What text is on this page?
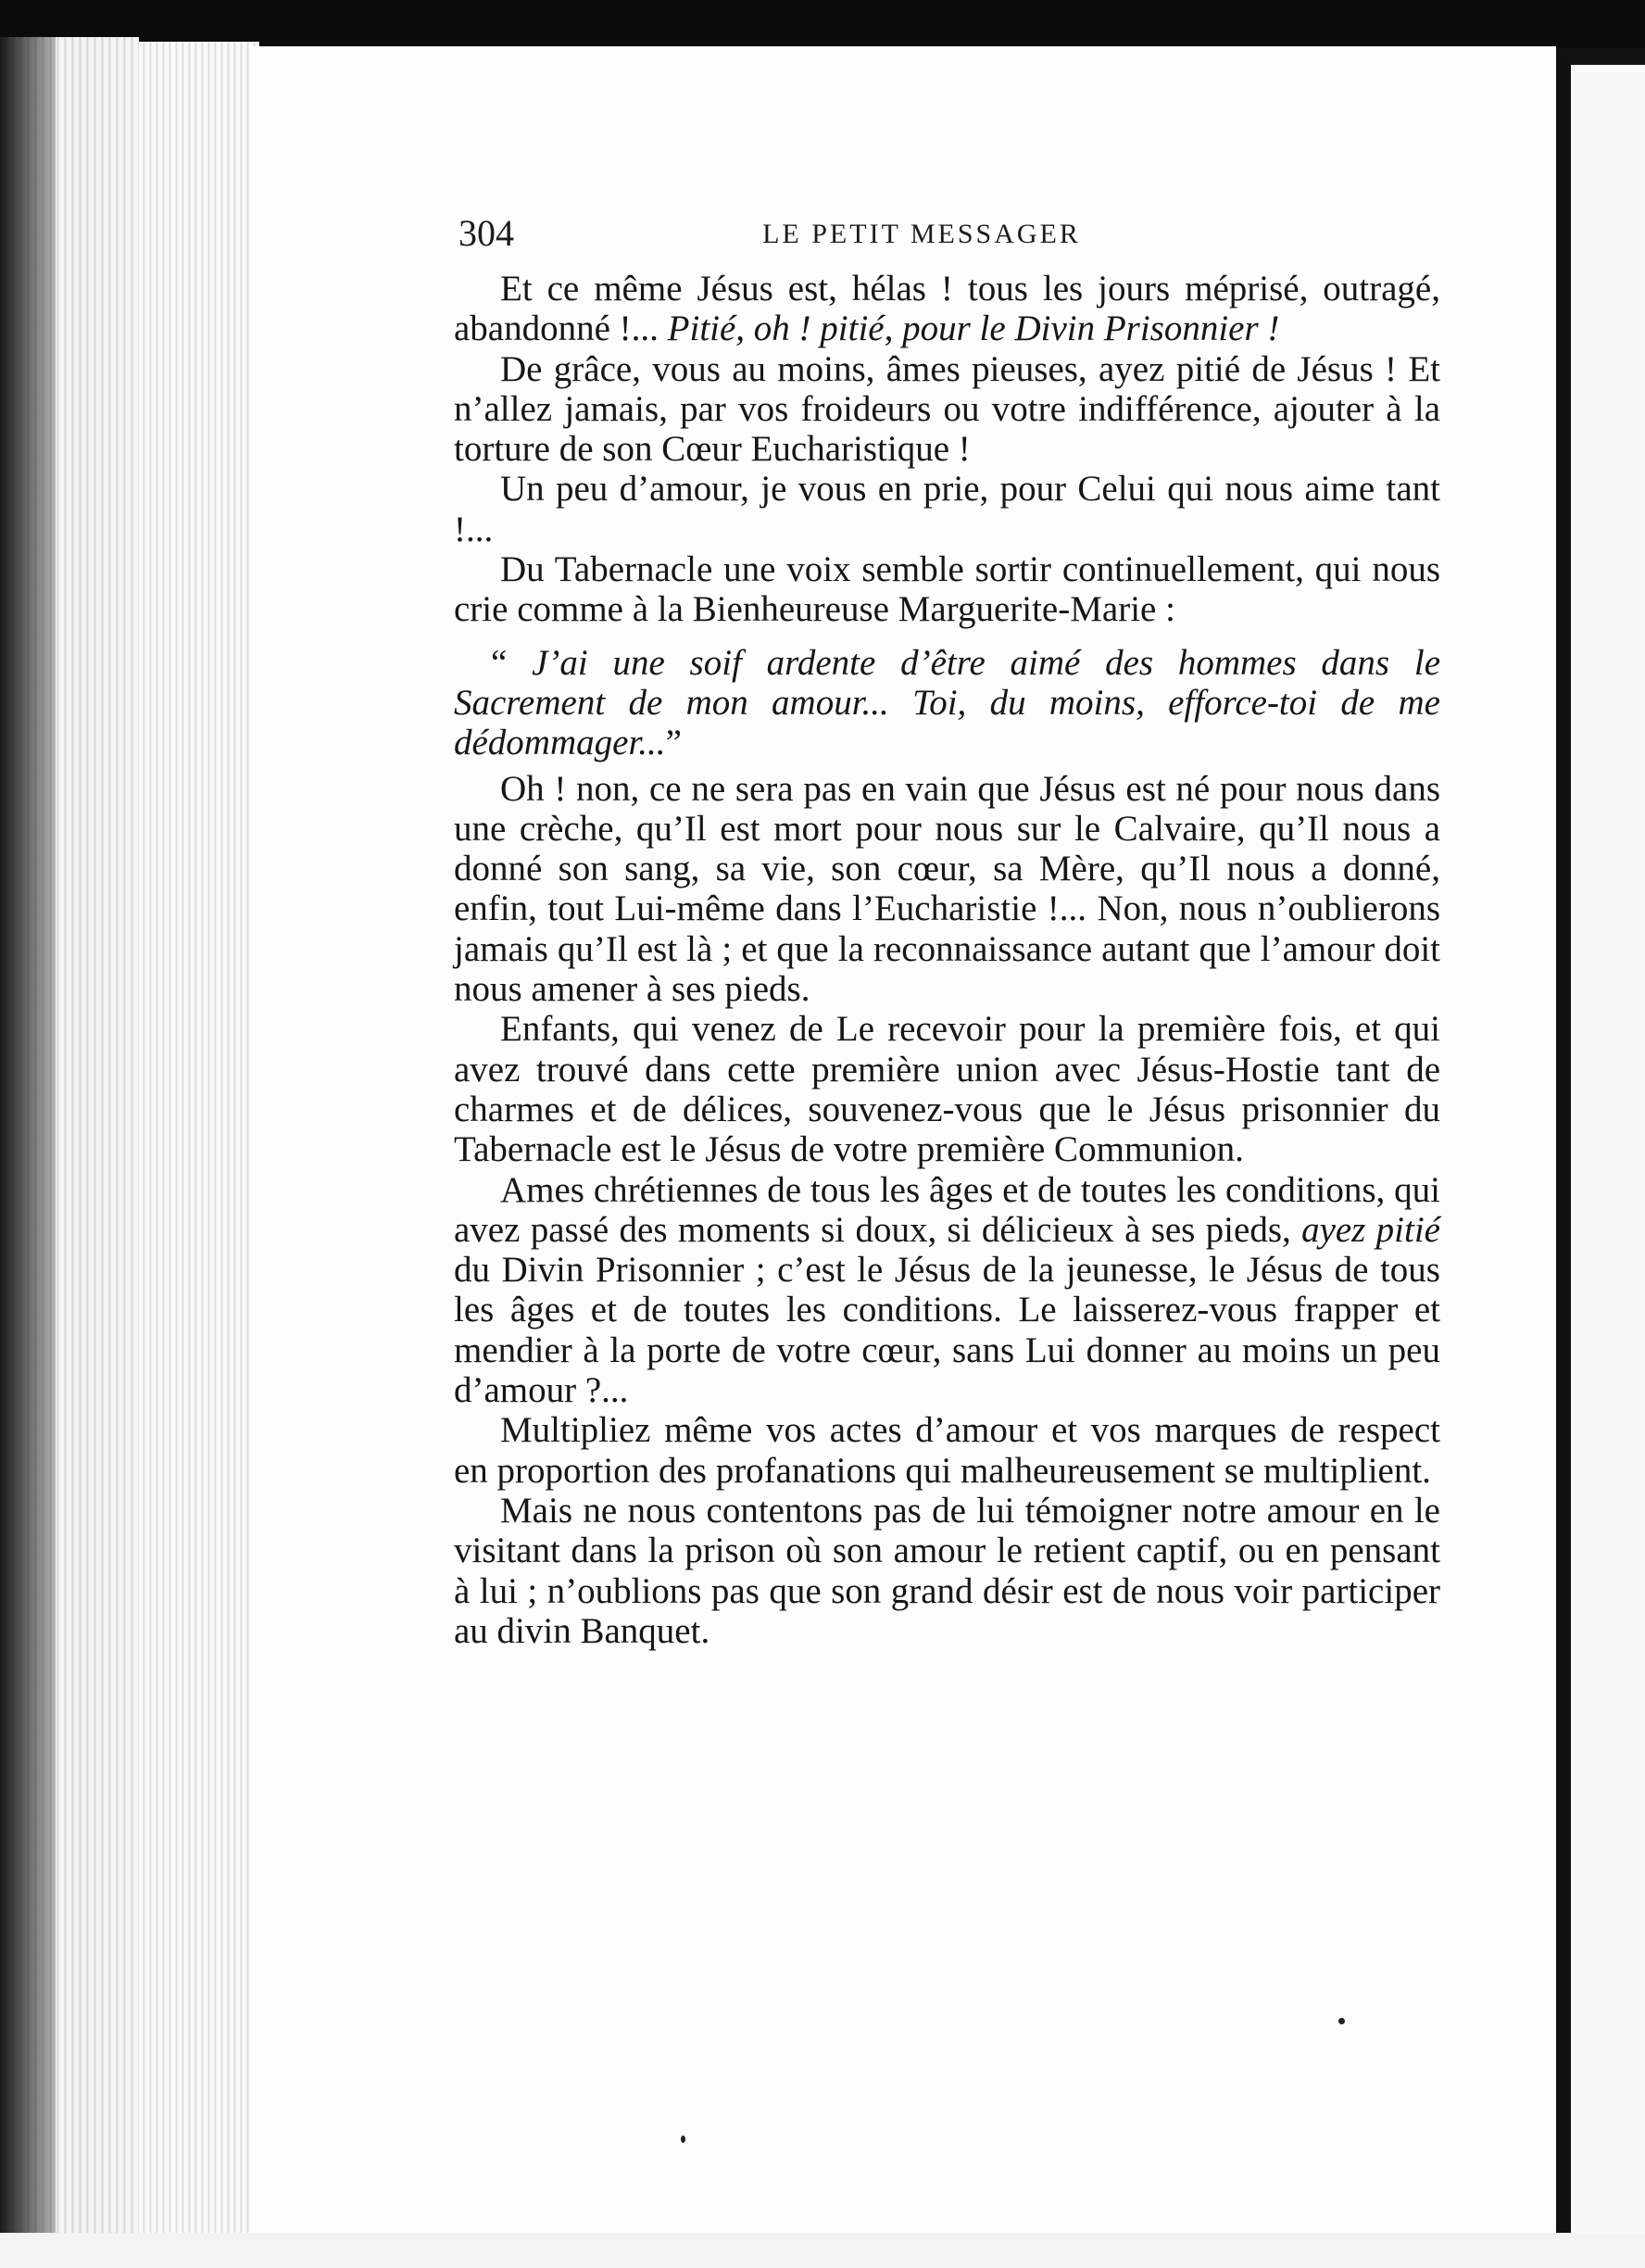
304	LE PETIT MESSAGER

Et ce même Jésus est, hélas ! tous les jours méprisé, outragé, abandonné !... Pitié, oh ! pitié, pour le Divin Prisonnier !

De grâce, vous au moins, âmes pieuses, ayez pitié de Jésus ! Et n’allez jamais, par vos froideurs ou votre indifférence, ajouter à la torture de son Cœur Eucharistique !

Un peu d’amour, je vous en prie, pour Celui qui nous aime tant !...

Du Tabernacle une voix semble sortir continuellement, qui nous crie comme à la Bienheureuse Marguerite-Marie :

“ J’ai une soif ardente d’être aimé des hommes dans le Sacrement de mon amour... Toi, du moins, efforce-toi de me dédommager...”

Oh ! non, ce ne sera pas en vain que Jésus est né pour nous dans une crèche, qu’Il est mort pour nous sur le Calvaire, qu’Il nous a donné son sang, sa vie, son cœur, sa Mère, qu’Il nous a donné, enfin, tout Lui-même dans l’Eucharistie !... Non, nous n’oublierons jamais qu’Il est là ; et que la reconnaissance autant que l’amour doit nous amener à ses pieds.

Enfants, qui venez de Le recevoir pour la première fois, et qui avez trouvé dans cette première union avec Jésus-Hostie tant de charmes et de délices, souvenez-vous que le Jésus prisonnier du Tabernacle est le Jésus de votre première Communion.

Ames chrétiennes de tous les âges et de toutes les conditions, qui avez passé des moments si doux, si délicieux à ses pieds, ayez pitié du Divin Prisonnier ; c’est le Jésus de la jeunesse, le Jésus de tous les âges et de toutes les conditions. Le laisserez-vous frapper et mendier à la porte de votre cœur, sans Lui donner au moins un peu d’amour ?...

Multipliez même vos actes d’amour et vos marques de respect en proportion des profanations qui malheureusement se multiplient.

Mais ne nous contentons pas de lui témoigner notre amour en le visitant dans la prison où son amour le retient captif, ou en pensant à lui ; n’oublions pas que son grand désir est de nous voir participer au divin Banquet.
